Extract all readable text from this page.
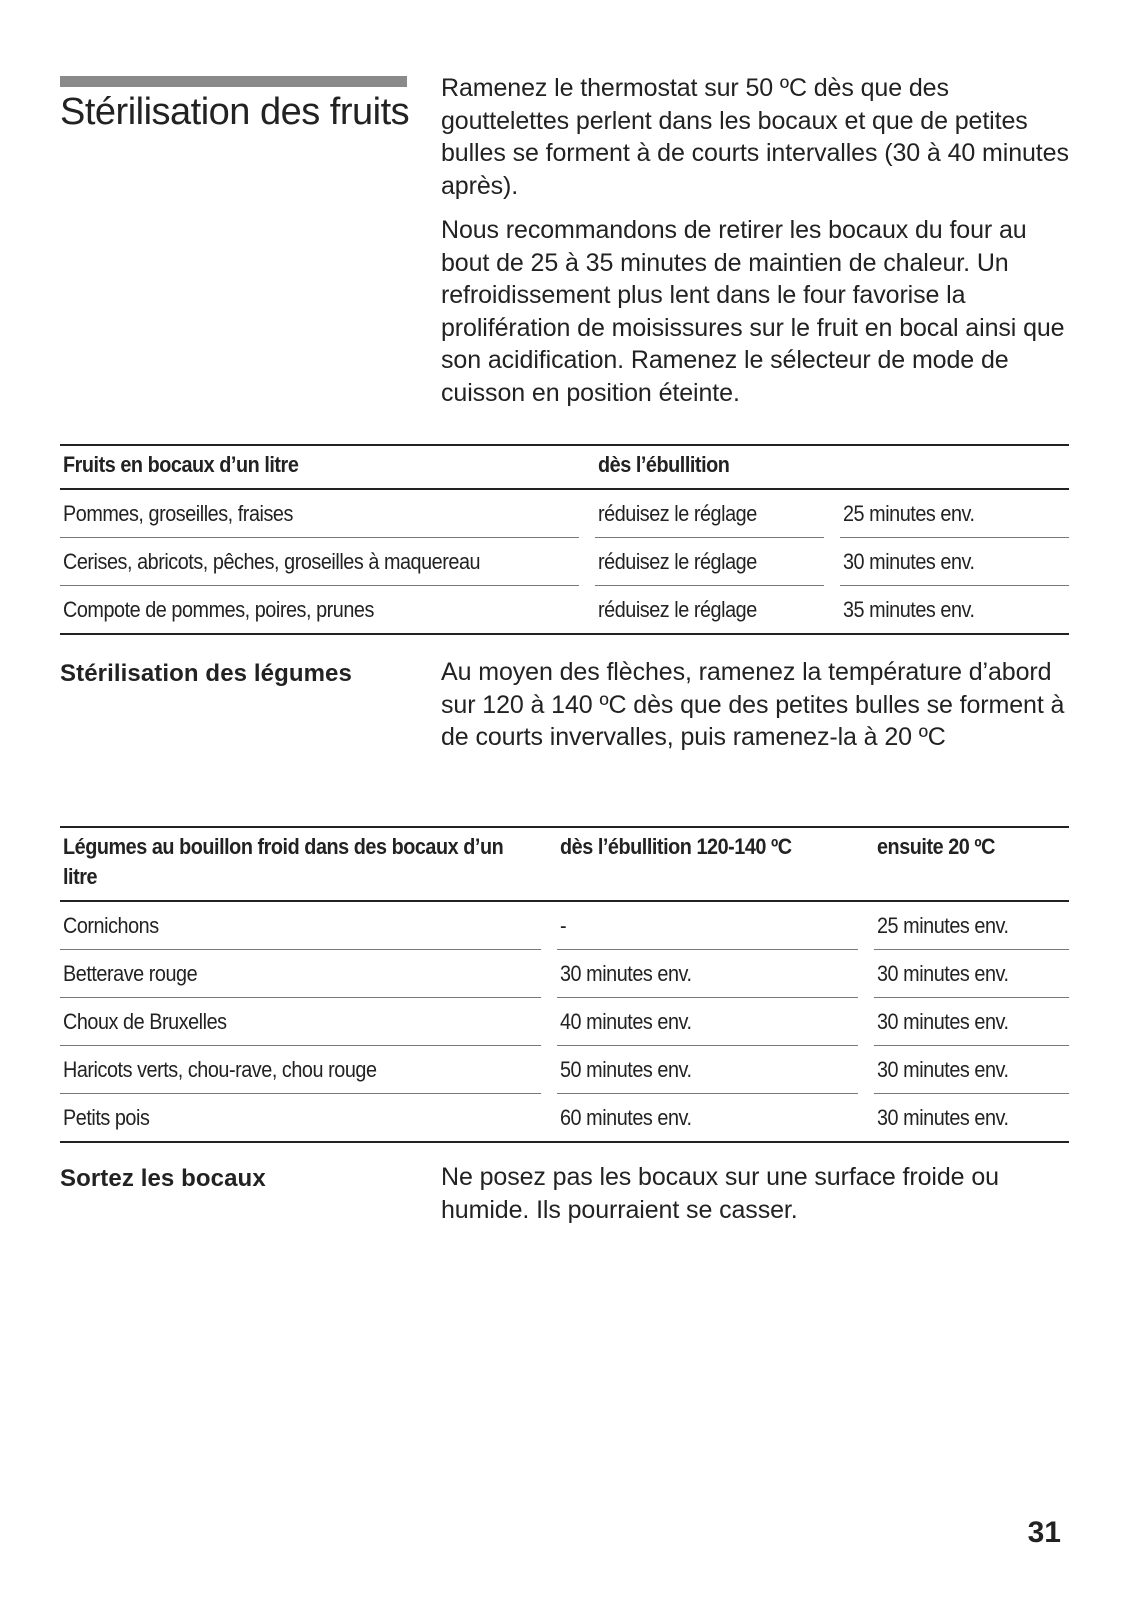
Stérilisation des fruits

Ramenez le thermostat sur 50 ºC dès que des gouttelettes perlent dans les bocaux et que de petites bulles se forment à de courts intervalles (30 à 40 minutes après).

Nous recommandons de retirer les bocaux du four au bout de 25 à 35 minutes de maintien de chaleur. Un refroidissement plus lent dans le four favorise la prolifération de moisissures sur le fruit en bocal ainsi que son acidification. Ramenez le sélecteur de mode de cuisson en position éteinte.

Fruits en bocaux d’un litre		dès l’ébullition		
Pommes, groseilles, fraises		réduisez le réglage		25 minutes env.
Cerises, abricots, pêches, groseilles à maquereau		réduisez le réglage		30 minutes env.
Compote de pommes, poires, prunes		réduisez le réglage		35 minutes env.
Stérilisation des légumes	Au moyen des flèches, ramenez la température d’abord sur 120 à 140 ºC dès que des petites bulles se forment à de courts invervalles, puis ramenez-la à 20 ºC

Légumes au bouillon froid dans des bocaux d’un litre		dès l’ébullition 120-140 ºC		ensuite 20 ºC
Cornichons		-		25 minutes env.
Betterave rouge		30 minutes env.		30 minutes env.
Choux de Bruxelles		40 minutes env.		30 minutes env.
Haricots verts, chou-rave, chou rouge		50 minutes env.		30 minutes env.
Petits pois		60 minutes env.		30 minutes env.
Sortez les bocaux	Ne posez pas les bocaux sur une surface froide ou humide. Ils pourraient se casser.

31
